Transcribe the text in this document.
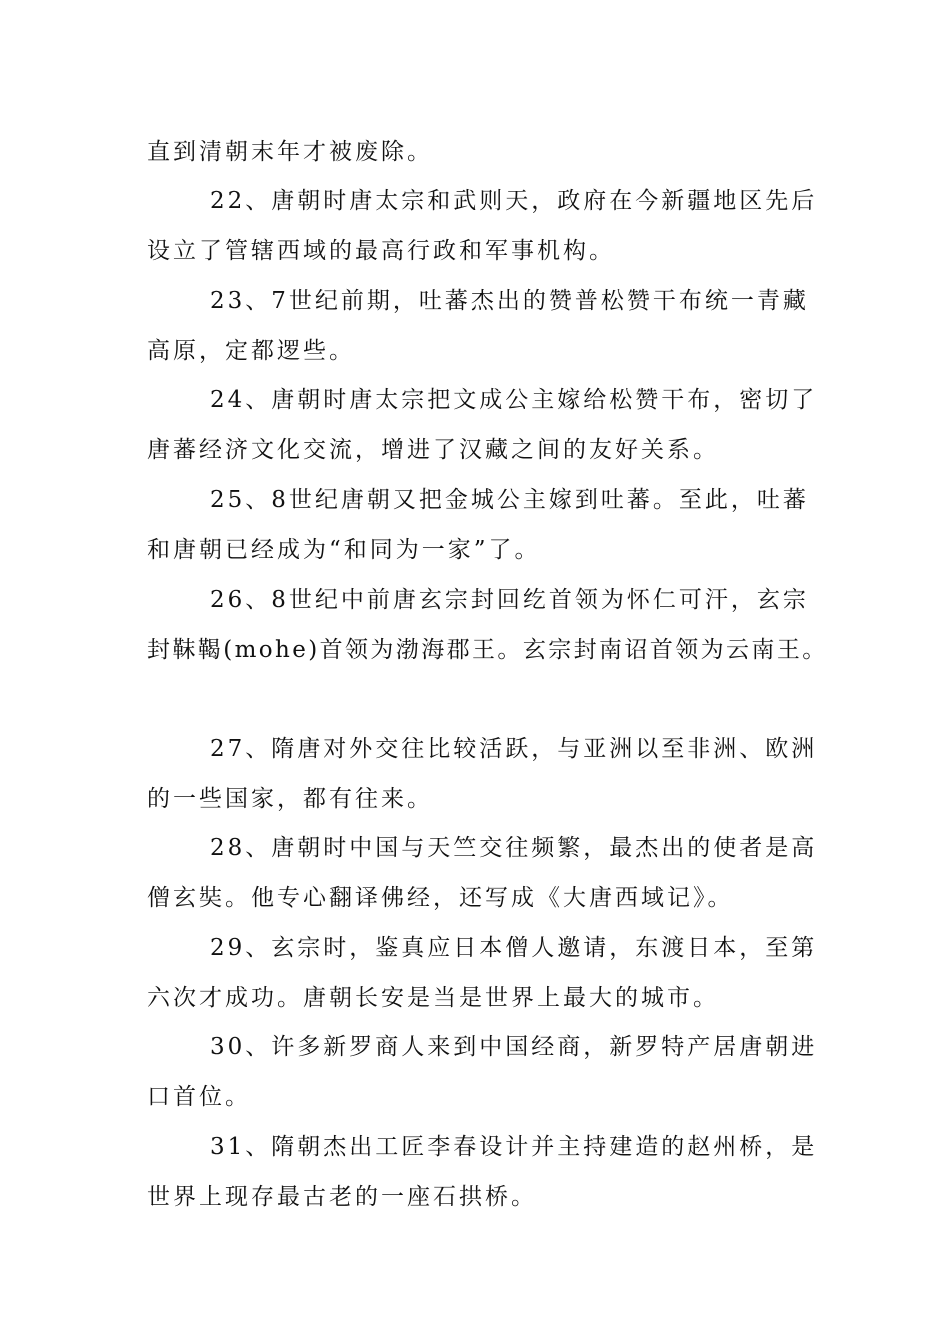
直到清朝末年才被废除。
22、唐朝时唐太宗和武则天，政府在今新疆地区先后
设立了管辖西域的最高行政和军事机构。
23、7世纪前期，吐蕃杰出的赞普松赞干布统一青藏
高原，定都逻些。
24、唐朝时唐太宗把文成公主嫁给松赞干布，密切了
唐蕃经济文化交流，增进了汉藏之间的友好关系。
25、8世纪唐朝又把金城公主嫁到吐蕃。至此，吐蕃
和唐朝已经成为“和同为一家”了。
26、8世纪中前唐玄宗封回纥首领为怀仁可汗，玄宗
封靺鞨(mohe)首领为渤海郡王。玄宗封南诏首领为云南王。
27、隋唐对外交往比较活跃，与亚洲以至非洲、欧洲
的一些国家，都有往来。
28、唐朝时中国与天竺交往频繁，最杰出的使者是高
僧玄奘。他专心翻译佛经，还写成《大唐西域记》。
29、玄宗时，鉴真应日本僧人邀请，东渡日本，至第
六次才成功。唐朝长安是当是世界上最大的城市。
30、许多新罗商人来到中国经商，新罗特产居唐朝进
口首位。
31、隋朝杰出工匠李春设计并主持建造的赵州桥，是
世界上现存最古老的一座石拱桥。
